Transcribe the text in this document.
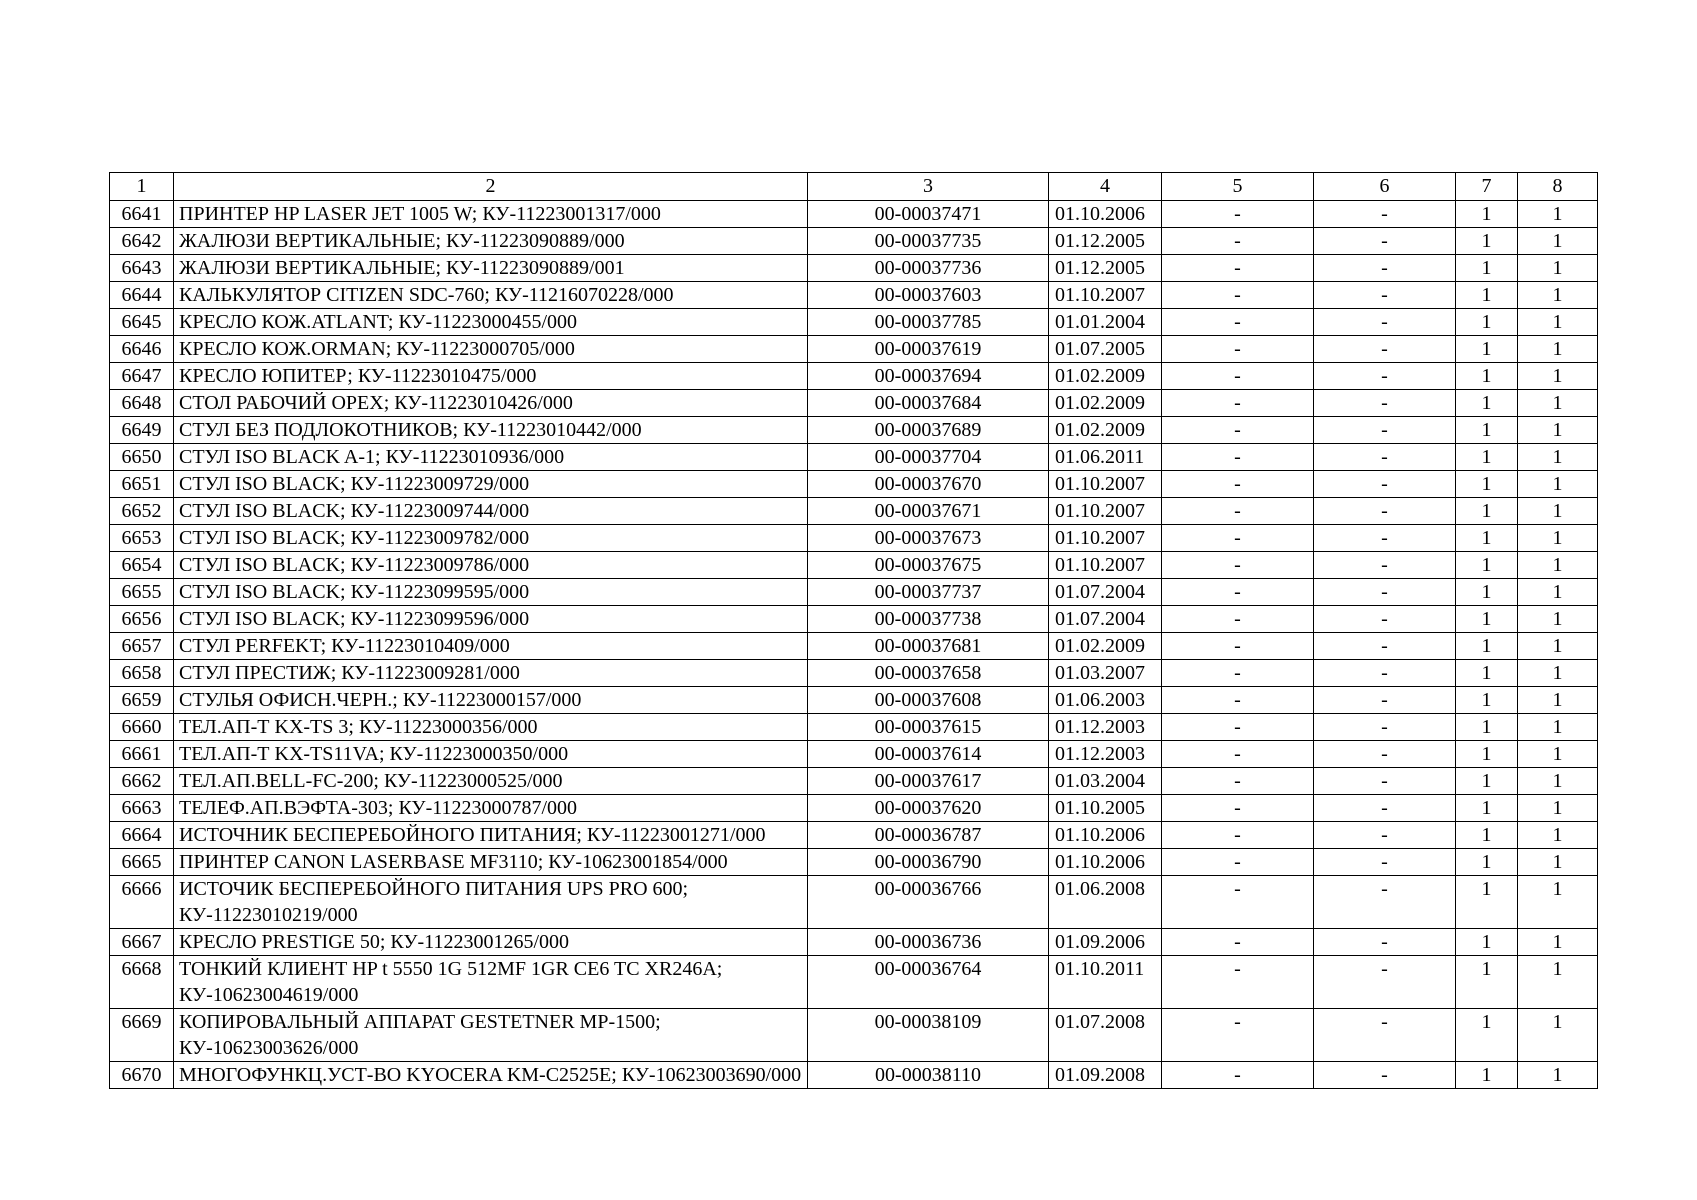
1	2	3	4	5	6	7	8
6641	ПРИНТЕР HP LASER JET 1005 W; КУ-11223001317/000	00-00037471	01.10.2006	-	-	1	1
6642	ЖАЛЮЗИ ВЕРТИКАЛЬНЫЕ; КУ-11223090889/000	00-00037735	01.12.2005	-	-	1	1
6643	ЖАЛЮЗИ ВЕРТИКАЛЬНЫЕ; КУ-11223090889/001	00-00037736	01.12.2005	-	-	1	1
6644	КАЛЬКУЛЯТОР CITIZEN SDC-760; КУ-11216070228/000	00-00037603	01.10.2007	-	-	1	1
6645	КРЕСЛО КОЖ.ATLANT; КУ-11223000455/000	00-00037785	01.01.2004	-	-	1	1
6646	КРЕСЛО КОЖ.ORMAN; КУ-11223000705/000	00-00037619	01.07.2005	-	-	1	1
6647	КРЕСЛО ЮПИТЕР; КУ-11223010475/000	00-00037694	01.02.2009	-	-	1	1
6648	СТОЛ РАБОЧИЙ ОРЕХ; КУ-11223010426/000	00-00037684	01.02.2009	-	-	1	1
6649	СТУЛ БЕЗ ПОДЛОКОТНИКОВ; КУ-11223010442/000	00-00037689	01.02.2009	-	-	1	1
6650	СТУЛ ISO BLACK A-1; КУ-11223010936/000	00-00037704	01.06.2011	-	-	1	1
6651	СТУЛ ISO BLACK; КУ-11223009729/000	00-00037670	01.10.2007	-	-	1	1
6652	СТУЛ ISO BLACK; КУ-11223009744/000	00-00037671	01.10.2007	-	-	1	1
6653	СТУЛ ISO BLACK; КУ-11223009782/000	00-00037673	01.10.2007	-	-	1	1
6654	СТУЛ ISO BLACK; КУ-11223009786/000	00-00037675	01.10.2007	-	-	1	1
6655	СТУЛ ISO BLACK; КУ-11223099595/000	00-00037737	01.07.2004	-	-	1	1
6656	СТУЛ ISO BLACK; КУ-11223099596/000	00-00037738	01.07.2004	-	-	1	1
6657	СТУЛ PERFEKT; КУ-11223010409/000	00-00037681	01.02.2009	-	-	1	1
6658	СТУЛ ПРЕСТИЖ; КУ-11223009281/000	00-00037658	01.03.2007	-	-	1	1
6659	СТУЛЬЯ ОФИСН.ЧЕРН.; КУ-11223000157/000	00-00037608	01.06.2003	-	-	1	1
6660	ТЕЛ.АП-Т KX-TS 3; КУ-11223000356/000	00-00037615	01.12.2003	-	-	1	1
6661	ТЕЛ.АП-Т KX-TS11VA; КУ-11223000350/000	00-00037614	01.12.2003	-	-	1	1
6662	ТЕЛ.АП.BELL-FC-200; КУ-11223000525/000	00-00037617	01.03.2004	-	-	1	1
6663	ТЕЛЕФ.АП.ВЭФТА-303; КУ-11223000787/000	00-00037620	01.10.2005	-	-	1	1
6664	ИСТОЧНИК БЕСПЕРЕБОЙНОГО ПИТАНИЯ; КУ-11223001271/000	00-00036787	01.10.2006	-	-	1	1
6665	ПРИНТЕР CANON LASERBASE MF3110; КУ-10623001854/000	00-00036790	01.10.2006	-	-	1	1
6666	ИСТОЧИК БЕСПЕРЕБОЙНОГО ПИТАНИЯ UPS PRO 600; КУ-11223010219/000	00-00036766	01.06.2008	-	-	1	1
6667	КРЕСЛО PRESTIGE 50; КУ-11223001265/000	00-00036736	01.09.2006	-	-	1	1
6668	ТОНКИЙ КЛИЕНТ HP t 5550 1G 512MF 1GR CE6 TC XR246A; КУ-10623004619/000	00-00036764	01.10.2011	-	-	1	1
6669	КОПИРОВАЛЬНЫЙ АППАРАТ GESTETNER MP-1500; КУ-10623003626/000	00-00038109	01.07.2008	-	-	1	1
6670	МНОГОФУНКЦ.УСТ-ВО KYOCERA KM-C2525E; КУ-10623003690/000	00-00038110	01.09.2008	-	-	1	1
